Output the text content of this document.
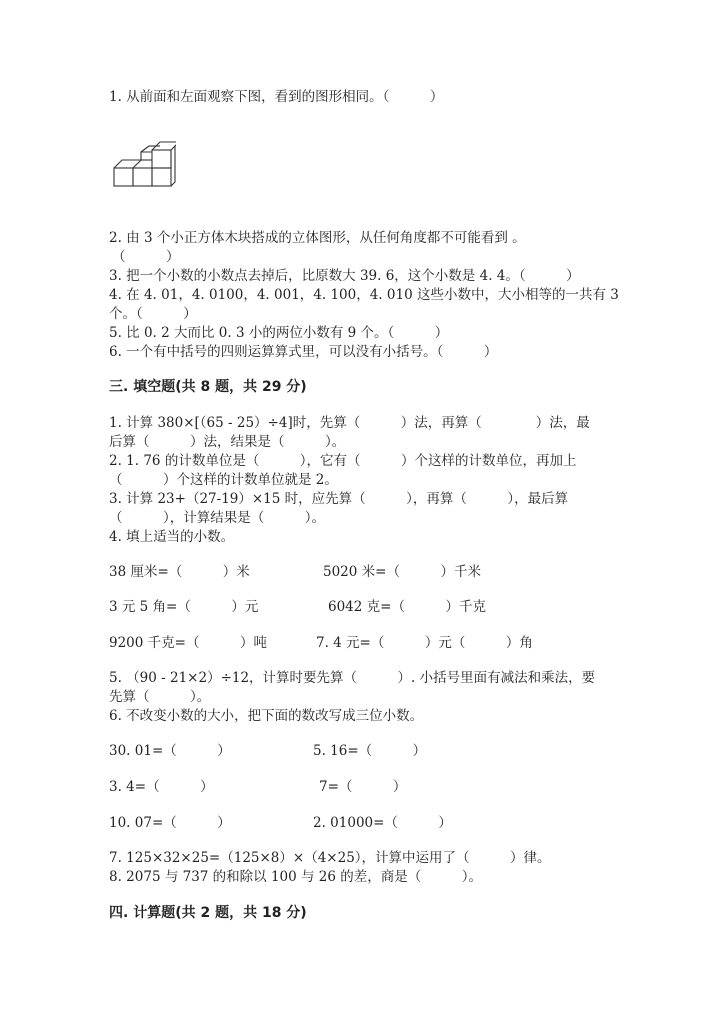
1. 从前面和左面观察下图，看到的图形相同。（　　　）
2. 由 3 个小正方体木块搭成的立体图形，从任何角度都不可能看到 。
（　　　）
3. 把一个小数的小数点去掉后，比原数大 39. 6，这个小数是 4. 4。（　　　）
4. 在 4. 01，4. 0100，4. 001，4. 100，4. 010 这些小数中，大小相等的一共有 3
个。（　　　）
5. 比 0. 2 大而比 0. 3 小的两位小数有 9 个。（　　　）
6. 一个有中括号的四则运算算式里，可以没有小括号。（　　　）
三. 填空题(共 8 题，共 29 分)
1. 计算 380×[（65 - 25）÷4]时，先算（　　　）法，再算（　　　　）法，最
后算（　　　）法，结果是（　　　）。
2. 1. 76 的计数单位是（　　　），它有（　　　）个这样的计数单位，再加上
（　　　）个这样的计数单位就是 2。
3. 计算 23+（27-19）×15 时，应先算（　　　），再算（　　　），最后算
（　　　），计算结果是（　　　）。
4. 填上适当的小数。
38 厘米=（　　　）米	5020 米=（　　　）千米
3 元 5 角=（　　　）元	6042 克=（　　　）千克
9200 千克=（　　　）吨	7. 4 元=（　　　）元（　　　）角
5. （90 - 21×2）÷12，计算时要先算（　　　）. 小括号里面有减法和乘法，要
先算（　　　）。
6. 不改变小数的大小，把下面的数改写成三位小数。
30. 01=（　　　）	5. 16=（　　　）
3. 4=（　　　）	7=（　　　）
10. 07=（　　　）	2. 01000=（　　　）
7. 125×32×25=（125×8）×（4×25），计算中运用了（　　　）律。
8. 2075 与 737 的和除以 100 与 26 的差，商是（　　　）。
四. 计算题(共 2 题，共 18 分)
